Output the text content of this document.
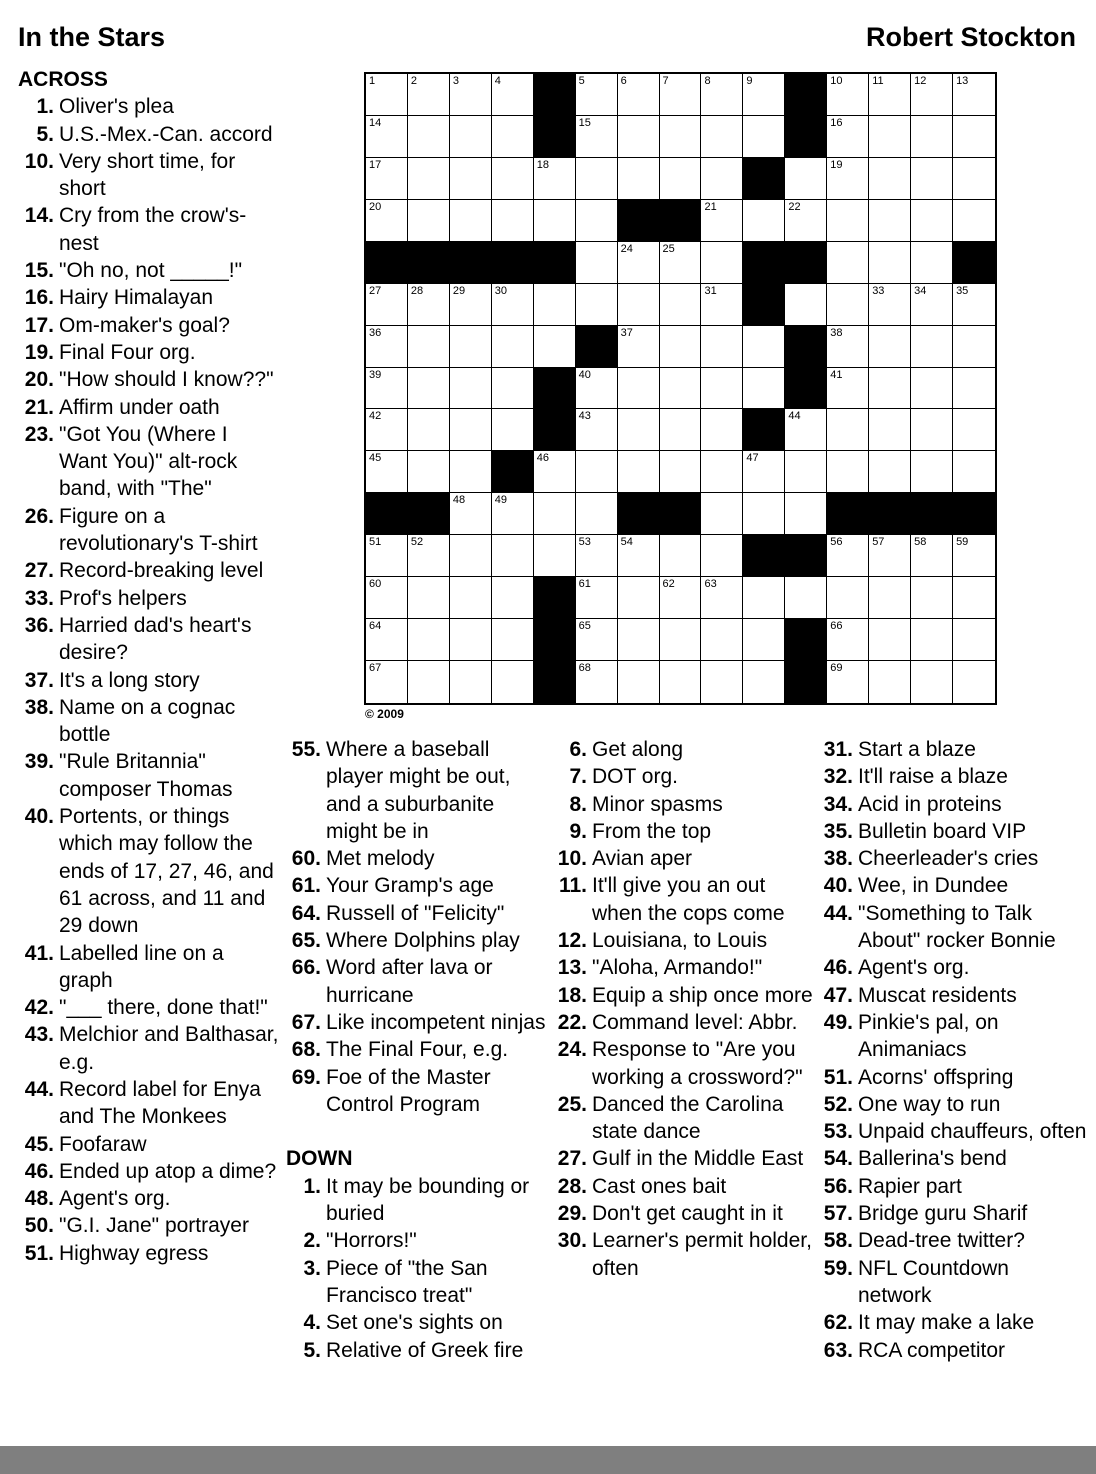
In the Stars	Robert Stockton
ACROSS
1. Oliver's plea
5. U.S.-Mex.-Can. accord
10. Very short time, for short
14. Cry from the crow's-nest
15. "Oh no, not _____!"
16. Hairy Himalayan
17. Om-maker's goal?
19. Final Four org.
20. "How should I know??"
21. Affirm under oath
23. "Got You (Where I Want You)" alt-rock band, with "The"
26. Figure on a revolutionary's T-shirt
27. Record-breaking level
33. Prof's helpers
36. Harried dad's heart's desire?
37. It's a long story
38. Name on a cognac bottle
39. "Rule Britannia" composer Thomas
40. Portents, or things which may follow the ends of 17, 27, 46, and 61 across, and 11 and 29 down
41. Labelled line on a graph
42. "___ there, done that!"
43. Melchior and Balthasar, e.g.
44. Record label for Enya and The Monkees
45. Foofaraw
46. Ended up atop a dime?
48. Agent's org.
50. "G.I. Jane" portrayer
51. Highway egress
1	2	3	4	5	6	7	8	9	10	11	12	13
14	15	16
17	18	19
20	21	22
24	25
27	28	29	30	31	33	34	35
36	37	38
39	40	41
42	43	44
45	46	47
48	49
51	52	53	54	56	57	58	59
60	61	62	63
64	65	66
67	68	69
© 2009
55. Where a baseball player might be out, and a suburbanite might be in
60. Met melody
61. Your Gramp's age
64. Russell of "Felicity"
65. Where Dolphins play
66. Word after lava or hurricane
67. Like incompetent ninjas
68. The Final Four, e.g.
69. Foe of the Master Control Program
DOWN
1. It may be bounding or buried
2. "Horrors!"
3. Piece of "the San Francisco treat"
4. Set one's sights on
5. Relative of Greek fire
6. Get along
7. DOT org.
8. Minor spasms
9. From the top
10. Avian aper
11. It'll give you an out when the cops come
12. Louisiana, to Louis
13. "Aloha, Armando!"
18. Equip a ship once more
22. Command level: Abbr.
24. Response to "Are you working a crossword?"
25. Danced the Carolina state dance
27. Gulf in the Middle East
28. Cast ones bait
29. Don't get caught in it
30. Learner's permit holder, often
31. Start a blaze
32. It'll raise a blaze
34. Acid in proteins
35. Bulletin board VIP
38. Cheerleader's cries
40. Wee, in Dundee
44. "Something to Talk About" rocker Bonnie
46. Agent's org.
47. Muscat residents
49. Pinkie's pal, on Animaniacs
51. Acorns' offspring
52. One way to run
53. Unpaid chauffeurs, often
54. Ballerina's bend
56. Rapier part
57. Bridge guru Sharif
58. Dead-tree twitter?
59. NFL Countdown network
62. It may make a lake
63. RCA competitor
